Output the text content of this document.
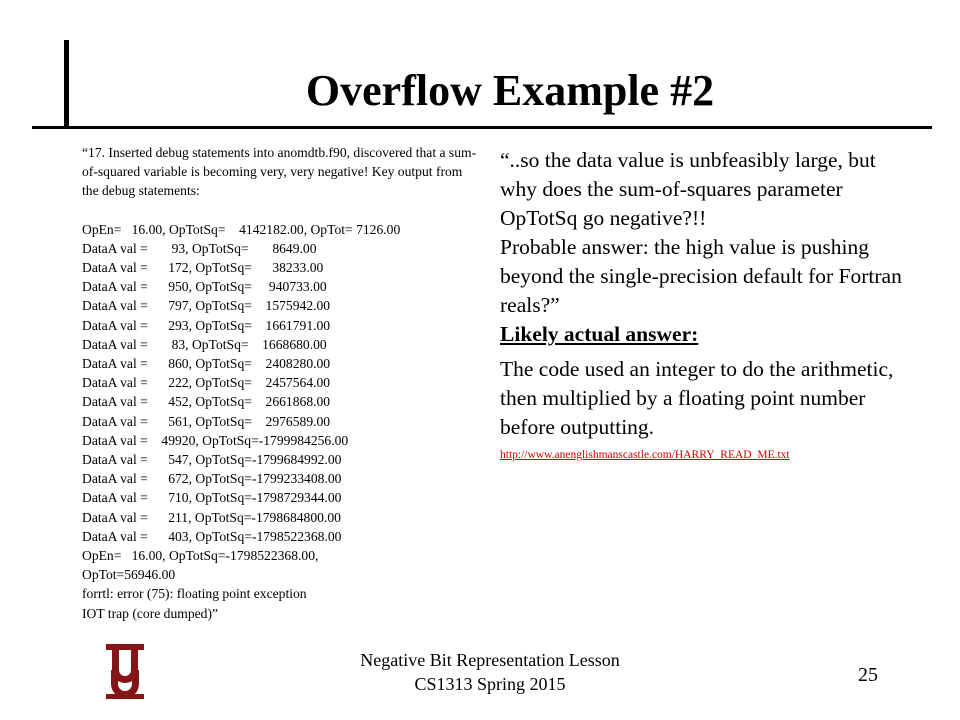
Overflow Example #2

“17. Inserted debug statements into anomdtb.f90, discovered that a sum-of-squared variable is becoming very, very negative! Key output from the debug statements:

OpEn=   16.00, OpTotSq=    4142182.00, OpTot= 7126.00

DataA val =       93, OpTotSq=       8649.00

DataA val =      172, OpTotSq=      38233.00

DataA val =      950, OpTotSq=     940733.00

DataA val =      797, OpTotSq=    1575942.00

DataA val =      293, OpTotSq=    1661791.00

DataA val =       83, OpTotSq=    1668680.00

DataA val =      860, OpTotSq=    2408280.00

DataA val =      222, OpTotSq=    2457564.00

DataA val =      452, OpTotSq=    2661868.00

DataA val =      561, OpTotSq=    2976589.00

DataA val =    49920, OpTotSq=-1799984256.00

DataA val =      547, OpTotSq=-1799684992.00

DataA val =      672, OpTotSq=-1799233408.00

DataA val =      710, OpTotSq=-1798729344.00

DataA val =      211, OpTotSq=-1798684800.00

DataA val =      403, OpTotSq=-1798522368.00

OpEn=   16.00, OpTotSq=-1798522368.00,

OpTot=56946.00

forrtl: error (75): floating point exception

IOT trap (core dumped)”

“..so the data value is unbfeasibly large, but why does the sum-of-squares parameter OpTotSq go negative?!!

Probable answer: the high value is pushing beyond the single-precision default for Fortran reals?”

Likely actual answer:

The code used an integer to do the arithmetic, then multiplied by a floating point number before outputting.

http://www.anenglishmanscastle.com/HARRY_READ_ME.txt
Negative Bit Representation Lesson
CS1313 Spring 2015	25
